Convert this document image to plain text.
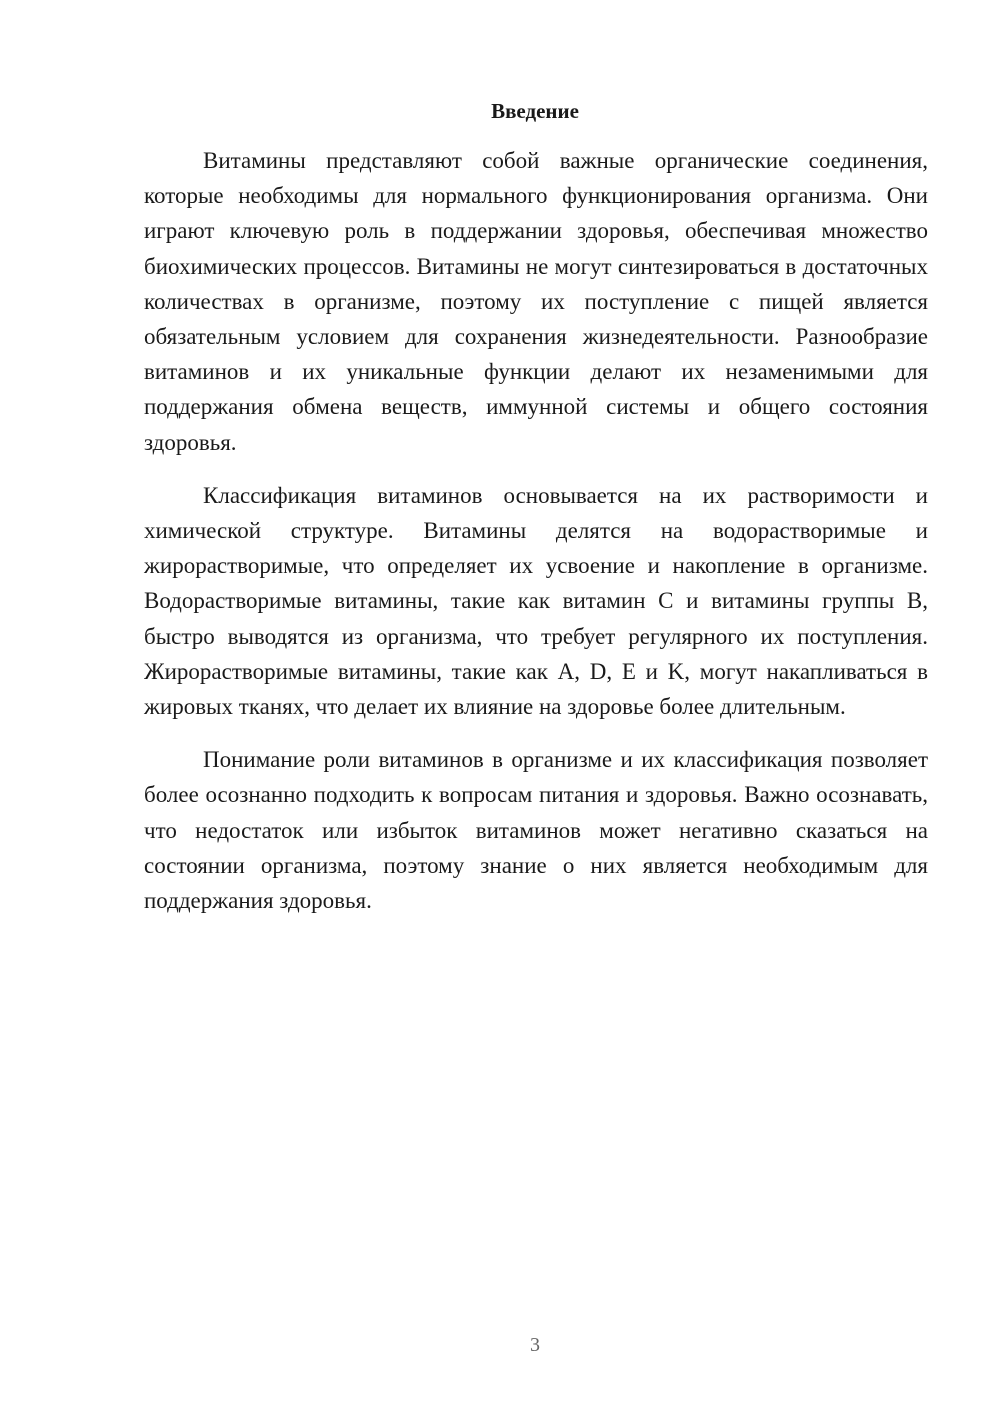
Введение

Витамины представляют собой важные органические соединения, которые необходимы для нормального функционирования организма. Они играют ключевую роль в поддержании здоровья, обеспечивая множество биохимических процессов. Витамины не могут синтезироваться в достаточных количествах в организме, поэтому их поступление с пищей является обязательным условием для сохранения жизнедеятельности. Разнообразие витаминов и их уникальные функции делают их незаменимыми для поддержания обмена веществ, иммунной системы и общего состояния здоровья.

Классификация витаминов основывается на их растворимости и химической структуре. Витамины делятся на водорастворимые и жирорастворимые, что определяет их усвоение и накопление в организме. Водорастворимые витамины, такие как витамин C и витамины группы B, быстро выводятся из организма, что требует регулярного их поступления. Жирорастворимые витамины, такие как A, D, E и K, могут накапливаться в жировых тканях, что делает их влияние на здоровье более длительным.

Понимание роли витаминов в организме и их классификация позволяет более осознанно подходить к вопросам питания и здоровья. Важно осознавать, что недостаток или избыток витаминов может негативно сказаться на состоянии организма, поэтому знание о них является необходимым для поддержания здоровья.

3
